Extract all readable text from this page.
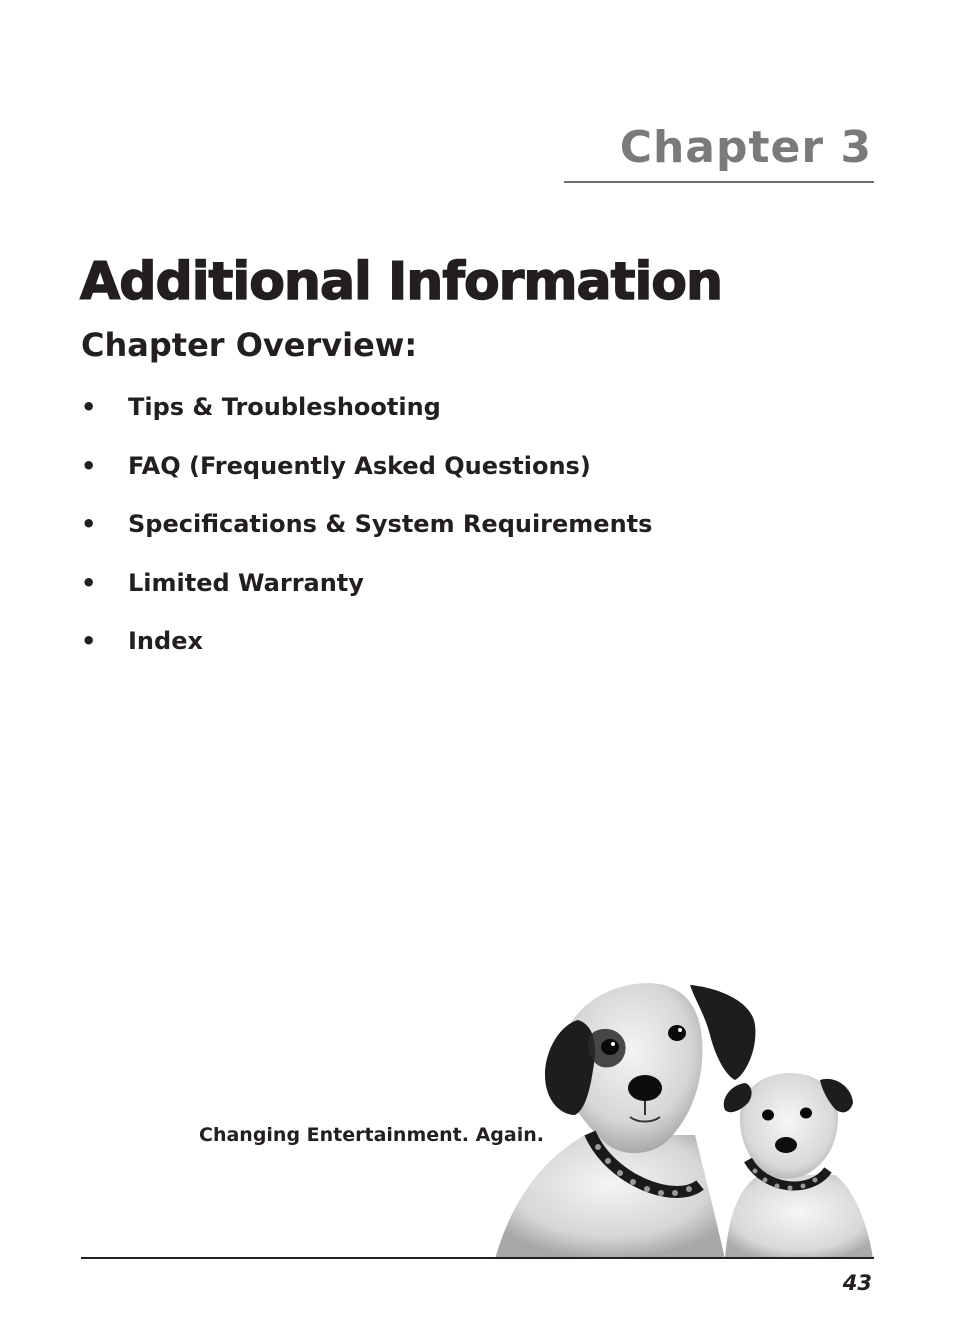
Chapter 3
Additional Information
Chapter Overview:
•	Tips & Troubleshooting
•	FAQ (Frequently Asked Questions)
•	Specifications & System Requirements
•	Limited Warranty
•	Index

Changing Entertainment. Again.

43
